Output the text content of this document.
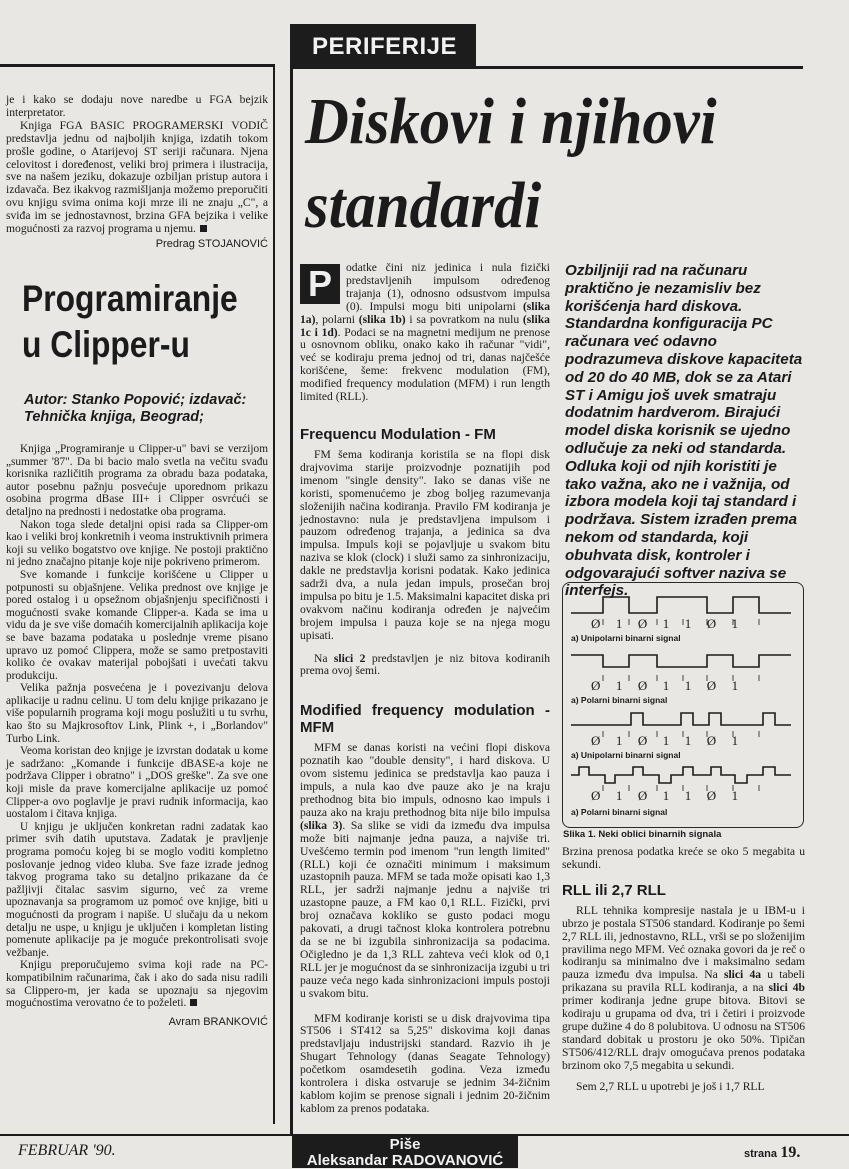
PERIFERIJE
Diskovi i njihovi
standardi

je i kako se dodaju nove naredbe u FGA bejzik interpretator.

Knjiga FGA BASIC PROGRAMERSKI VODIČ predstavlja jednu od najboljih knjiga, izdatih tokom prošle godine, o Atarijevoj ST seriji računara. Njena celovitost i doređenost, veliki broj primera i ilustracija, sve na našem jeziku, dokazuje ozbiljan pristup autora i izdavača. Bez ikakvog razmišljanja možemo preporučiti ovu knjigu svima onima koji mrze ili ne znaju „C", a sviđa im se jednostavnost, brzina GFA bejzika i velike mogućnosti za razvoj programa u njemu.

Predrag STOJANOVIĆ
Programiranje
u Clipper-u
Autor: Stanko Popović; izdavač: Tehnička knjiga, Beograd;

Knjiga „Programiranje u Clipper-u" bavi se verzijom „summer '87". Da bi bacio malo svetla na večitu svađu korisnika različitih programa za obradu baza podataka, autor posebnu pažnju posvećuje uporednom prikazu osobina progrma dBase III+ i Clipper osvrćući se detaljno na prednosti i nedostatke oba programa.

Nakon toga slede detaljni opisi rada sa Clipper-om kao i veliki broj konkretnih i veoma instruktivnih primera koji su veliko bogatstvo ove knjige. Ne postoji praktično ni jedno značajno pitanje koje nije pokriveno primerom.

Sve komande i funkcije korišćene u Clipper u potpunosti su objašnjene. Velika prednost ove knjige je pored ostalog i u opsežnom objašnjenju specifičnosti i mogućnosti svake komande Clipper-a. Kada se ima u vidu da je sve više domaćih komercijalnih aplikacija koje se bave bazama podataka u poslednje vreme pisano upravo uz pomoć Clippera, može se samo pretpostaviti koliko će ovakav materijal pobojšati i uvećati takvu produkciju.

Velika pažnja posvećena je i povezivanju delova aplikacije u radnu celinu. U tom delu knjige prikazano je više popularnih programa koji mogu poslužiti u tu svrhu, kao što su Majkrosoftov Link, Plink +, i „Borlandov" Turbo Link.

Veoma koristan deo knjige je izvrstan dodatak u kome je sadržano: „Komande i funkcije dBASE-a koje ne podržava Clipper i obratno" i „DOS greške". Za sve one koji misle da prave komercijalne aplikacije uz pomoć Clipper-a ovo poglavlje je pravi rudnik informacija, kao uostalom i čitava knjiga.

U knjigu je uključen konkretan radni zadatak kao primer svih datih uputstava. Zadatak je pravljenje programa pomoću kojeg bi se moglo voditi kompletno poslovanje jednog video kluba. Sve faze izrade jednog takvog programa tako su detaljno prikazane da će pažljivji čitalac sasvim sigurno, već za vreme upoznavanja sa programom uz pomoć ove knjige, biti u mogućnosti da program i napiše. U slučaju da u nekom detalju ne uspe, u knjigu je uključen i kompletan listing pomenute aplikacije pa je moguće prekontrolisati svoje vežbanje.

Knjigu preporučujemo svima koji rade na PC-kompatibilnim računarima, čak i ako do sada nisu radili sa Clippero-m, jer kada se upoznaju sa njegovim mogućnostima verovatno će to poželeti.

Avram BRANKOVIĆ

P	odatke čini niz jedinica i nula fizički predstavljenih impulsom određenog trajanja (1), odnosno odsustvom impulsa (0). Impulsi mogu biti unipolarni (slika 1a), polarni (slika 1b) i sa povratkom na nulu (slika 1c i 1d). Podaci se na magnetni medijum ne prenose u osnovnom obliku, onako kako ih računar "vidi", već se kodiraju prema jednoj od tri, danas najčešće korišćene, šeme: frekvenc modulation (FM), modified frequency modulation (MFM) i run length limited (RLL).

Frequencu Modulation - FM

FM šema kodiranja koristila se na flopi disk drajvovima starije proizvodnje poznatijih pod imenom "single density". Iako se danas više ne koristi, spomenućemo je zbog boljeg razumevanja složenijih načina kodiranja. Pravilo FM kodiranja je jednostavno: nula je predstavljena impulsom i pauzom određenog trajanja, a jedinica sa dva impulsa. Impuls koji se pojavljuje u svakom bitu naziva se klok (clock) i služi samo za sinhronizaciju, dakle ne predstavlja korisni podatak. Kako jedinica sadrži dva, a nula jedan impuls, prosečan broj impulsa po bitu je 1.5. Maksimalni kapacitet diska pri ovakvom načinu kodiranja određen je najvećim brojem impulsa i pauza koje se na njega mogu upisati.

Na slici 2 predstavljen je niz bitova kodiranih prema ovoj šemi.

Modified frequency modulation - MFM

MFM se danas koristi na većini flopi diskova poznatih kao "double density", i hard diskova. U ovom sistemu jedinica se predstavlja kao pauza i impuls, a nula kao dve pauze ako je na kraju prethodnog bita bio impuls, odnosno kao impuls i pauza ako na kraju prethodnog bita nije bilo impulsa (slika 3). Sa slike se vidi da između dva impulsa može biti najmanje jedna pauza, a najviše tri. Uvešćemo termin pod imenom "run length limited" (RLL) koji će označiti minimum i maksimum uzastopnih pauza. MFM se tada može opisati kao 1,3 RLL, jer sadrži najmanje jednu a najviše tri uzastopne pauze, a FM kao 0,1 RLL. Fizički, prvi broj označava kokliko se gusto podaci mogu pakovati, a drugi tačnost kloka kontrolera potrebnu da se ne bi izgubila sinhronizacija sa podacima. Očigledno je da 1,3 RLL zahteva veći klok od 0,1 RLL jer je mogućnost da se sinhronizacija izgubi u tri pauze veća nego kada sinhronizacioni impuls postoji u svakom bitu.

MFM kodiranje koristi se u disk drajvovima tipa ST506 i ST412 sa 5,25" diskovima koji danas predstavljaju industrijski standard. Razvio ih je Shugart Tehnology (danas Seagate Tehnology) početkom osamdesetih godina. Veza između kontrolera i diska ostvaruje se jednim 34-žičnim kablom kojim se prenose signali i jednim 20-žičnim kablom za prenos podataka.

Ozbiljniji rad na računaru praktično je nezamisliv bez korišćenja hard diskova. Standardna konfiguracija PC računara već odavno podrazumeva diskove kapaciteta od 20 do 40 MB, dok se za Atari ST i Amigu još uvek smatraju dodatnim hardverom. Birajući model diska korisnik se ujedno odlučuje za neki od standarda. Odluka koji od njih koristiti je tako važna, ako ne i važnija, od izbora modela koji taj standard i podržava. Sistem izrađen prema nekom od standarda, koji obuhvata disk, kontroler i odgovarajući softver naziva se interfejs.
Ø  1  Ø  1  1  Ø  1
a) Unipolarni binarni signal
Ø  1  Ø  1  1  Ø  1
a) Polarni binarni signal
Ø  1  Ø  1  1  Ø  1
a) Unipolarni binarni signal
Ø  1  Ø  1  1  Ø  1
a) Polarni binarni signal
Slika 1. Neki oblici binarnih signala

Brzina prenosa podatka kreće se oko 5 megabita u sekundi.

RLL ili 2,7 RLL

RLL tehnika kompresije nastala je u IBM-u i ubrzo je postala ST506 standard. Kodiranje po šemi 2,7 RLL ili, jednostavno, RLL, vrši se po složenijim pravilima nego MFM. Već oznaka govori da je reč o kodiranju sa minimalno dve i maksimalno sedam pauza između dva impulsa. Na slici 4a u tabeli prikazana su pravila RLL kodiranja, a na slici 4b primer kodiranja jedne grupe bitova. Bitovi se kodiraju u grupama od dva, tri i četiri i proizvode grupe dužine 4 do 8 polubitova. U odnosu na ST506 standard dobitak u prostoru je oko 50%. Tipičan ST506/412/RLL drajv omogućava prenos podataka brzinom oko 7,5 megabita u sekundi.

Sem 2,7 RLL u upotrebi je još i 1,7 RLL

FEBRUAR '90.	Piše
Aleksandar RADOVANOVIĆ	strana 19.
